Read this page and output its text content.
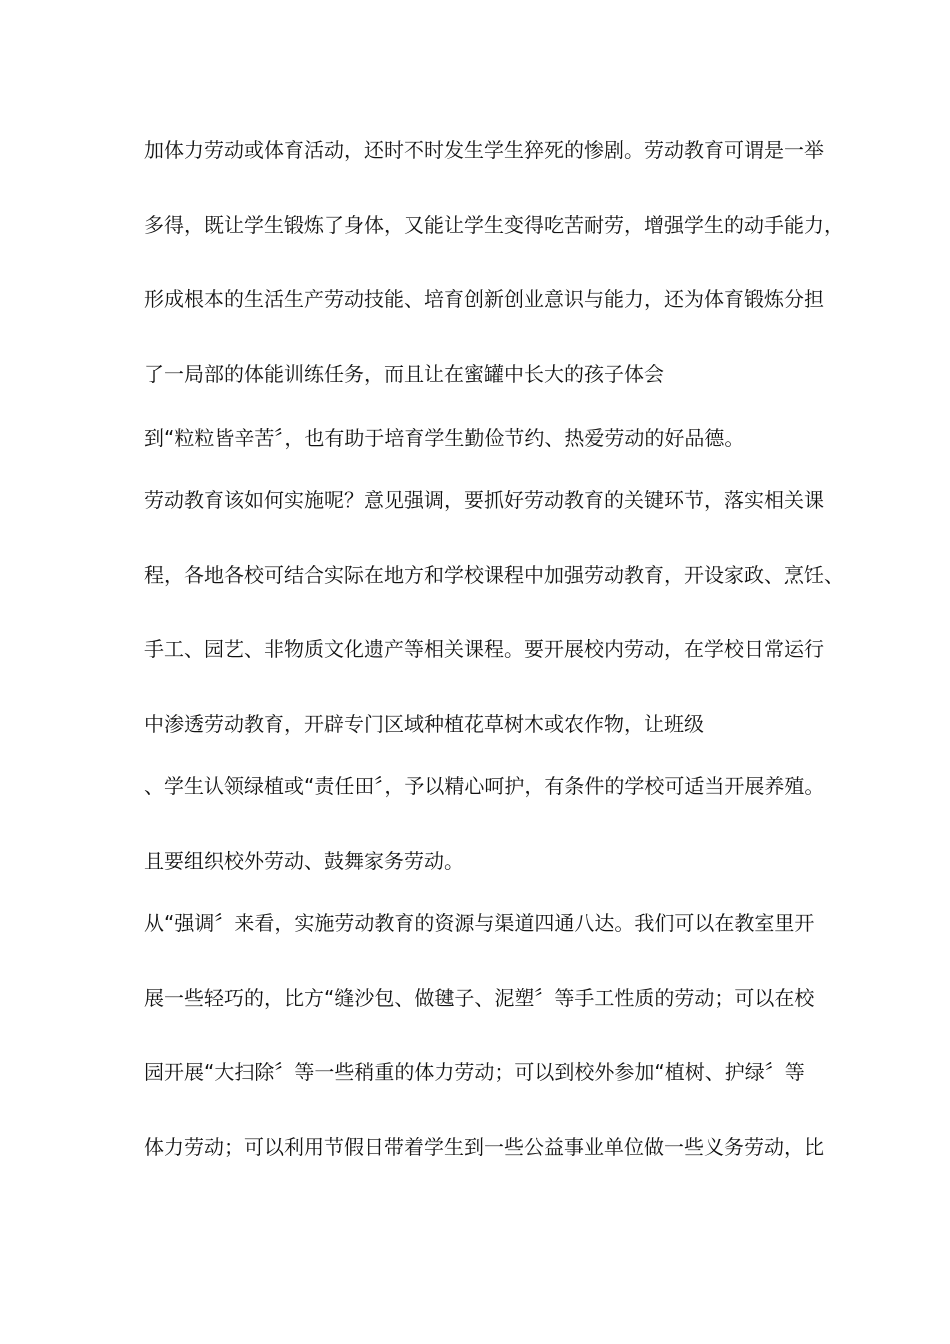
加体力劳动或体育活动，还时不时发生学生猝死的惨剧。劳动教育可谓是一举
多得，既让学生锻炼了身体，又能让学生变得吃苦耐劳，增强学生的动手能力，
形成根本的生活生产劳动技能、培育创新创业意识与能力，还为体育锻炼分担
了一局部的体能训练任务，而且让在蜜罐中长大的孩子体会
到“粒粒皆辛苦〞，也有助于培育学生勤俭节约、热爱劳动的好品德。
劳动教育该如何实施呢？意见强调，要抓好劳动教育的关键环节，落实相关课
程，各地各校可结合实际在地方和学校课程中加强劳动教育，开设家政、烹饪、
手工、园艺、非物质文化遗产等相关课程。要开展校内劳动，在学校日常运行
中渗透劳动教育，开辟专门区域种植花草树木或农作物，让班级
、学生认领绿植或“责任田〞，予以精心呵护，有条件的学校可适当开展养殖。
且要组织校外劳动、鼓舞家务劳动。
从“强调〞来看，实施劳动教育的资源与渠道四通八达。我们可以在教室里开
展一些轻巧的，比方“缝沙包、做毽子、泥塑〞等手工性质的劳动；可以在校
园开展“大扫除〞等一些稍重的体力劳动；可以到校外参加“植树、护绿〞等
体力劳动；可以利用节假日带着学生到一些公益事业单位做一些义务劳动，比
